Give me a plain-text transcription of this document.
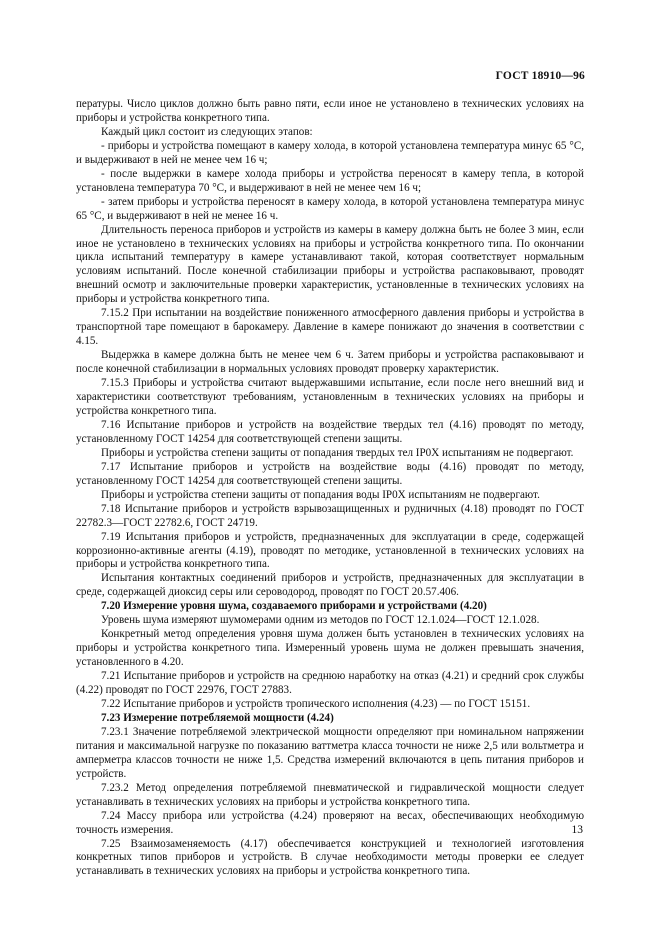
ГОСТ 18910—96

пературы. Число циклов должно быть равно пяти, если иное не установлено в технических условиях на приборы и устройства конкретного типа.

Каждый цикл состоит из следующих этапов:

- приборы и устройства помещают в камеру холода, в которой установлена температура минус 65 °С, и выдерживают в ней не менее чем 16 ч;

- после выдержки в камере холода приборы и устройства переносят в камеру тепла, в которой установлена температура 70 °С, и выдерживают в ней не менее чем 16 ч;

- затем приборы и устройства переносят в камеру холода, в которой установлена температура минус 65 °С, и выдерживают в ней не менее 16 ч.

Длительность переноса приборов и устройств из камеры в камеру должна быть не более 3 мин, если иное не установлено в технических условиях на приборы и устройства конкретного типа. По окончании цикла испытаний температуру в камере устанавливают такой, которая соответствует нормальным условиям испытаний. После конечной стабилизации приборы и устройства распаковывают, проводят внешний осмотр и заключительные проверки характеристик, установленные в технических условиях на приборы и устройства конкретного типа.

7.15.2 При испытании на воздействие пониженного атмосферного давления приборы и устройства в транспортной таре помещают в барокамеру. Давление в камере понижают до значения в соответствии с 4.15.

Выдержка в камере должна быть не менее чем 6 ч. Затем приборы и устройства распаковывают и после конечной стабилизации в нормальных условиях проводят проверку характеристик.

7.15.3 Приборы и устройства считают выдержавшими испытание, если после него внешний вид и характеристики соответствуют требованиям, установленным в технических условиях на приборы и устройства конкретного типа.

7.16 Испытание приборов и устройств на воздействие твердых тел (4.16) проводят по методу, установленному ГОСТ 14254 для соответствующей степени защиты.

Приборы и устройства степени защиты от попадания твердых тел IP0X испытаниям не подвергают.

7.17 Испытание приборов и устройств на воздействие воды (4.16) проводят по методу, установленному ГОСТ 14254 для соответствующей степени защиты.

Приборы и устройства степени защиты от попадания воды IP0X испытаниям не подвергают.

7.18 Испытание приборов и устройств взрывозащищенных и рудничных (4.18) проводят по ГОСТ 22782.3—ГОСТ 22782.6, ГОСТ 24719.

7.19 Испытания приборов и устройств, предназначенных для эксплуатации в среде, содержащей коррозионно-активные агенты (4.19), проводят по методике, установленной в технических условиях на приборы и устройства конкретного типа.

Испытания контактных соединений приборов и устройств, предназначенных для эксплуатации в среде, содержащей диоксид серы или сероводород, проводят по ГОСТ 20.57.406.

7.20 Измерение уровня шума, создаваемого приборами и устройствами (4.20)

Уровень шума измеряют шумомерами одним из методов по ГОСТ 12.1.024—ГОСТ 12.1.028.

Конкретный метод определения уровня шума должен быть установлен в технических условиях на приборы и устройства конкретного типа. Измеренный уровень шума не должен превышать значения, установленного в 4.20.

7.21 Испытание приборов и устройств на среднюю наработку на отказ (4.21) и средний срок службы (4.22) проводят по ГОСТ 22976, ГОСТ 27883.

7.22 Испытание приборов и устройств тропического исполнения (4.23) — по ГОСТ 15151.

7.23 Измерение потребляемой мощности (4.24)

7.23.1 Значение потребляемой электрической мощности определяют при номинальном напряжении питания и максимальной нагрузке по показанию ваттметра класса точности не ниже 2,5 или вольтметра и амперметра классов точности не ниже 1,5. Средства измерений включаются в цепь питания приборов и устройств.

7.23.2 Метод определения потребляемой пневматической и гидравлической мощности следует устанавливать в технических условиях на приборы и устройства конкретного типа.

7.24 Массу прибора или устройства (4.24) проверяют на весах, обеспечивающих необходимую точность измерения.

7.25 Взаимозаменяемость (4.17) обеспечивается конструкцией и технологией изготовления конкретных типов приборов и устройств. В случае необходимости методы проверки ее следует устанавливать в технических условиях на приборы и устройства конкретного типа.

13
